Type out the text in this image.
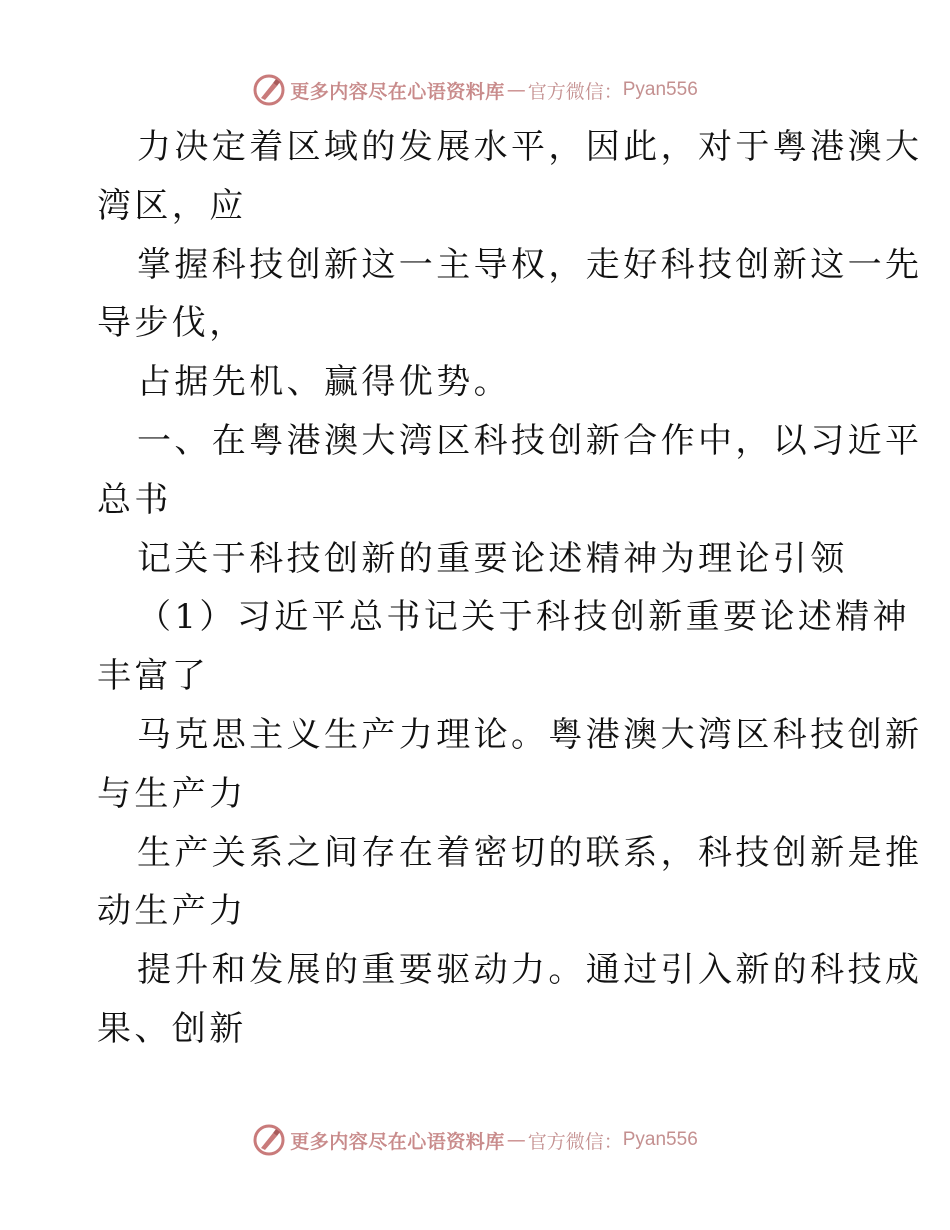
更多内容尽在心语资料库 — 官方微信： Pyan556
力决定着区域的发展水平，因此，对于粤港澳大
湾区，应
掌握科技创新这一主导权，走好科技创新这一先
导步伐，
占据先机、赢得优势。
一、在粤港澳大湾区科技创新合作中，以习近平
总书
记关于科技创新的重要论述精神为理论引领
（1）习近平总书记关于科技创新重要论述精神
丰富了
马克思主义生产力理论。粤港澳大湾区科技创新
与生产力
生产关系之间存在着密切的联系，科技创新是推
动生产力
提升和发展的重要驱动力。通过引入新的科技成
果、创新
更多内容尽在心语资料库 — 官方微信： Pyan556
